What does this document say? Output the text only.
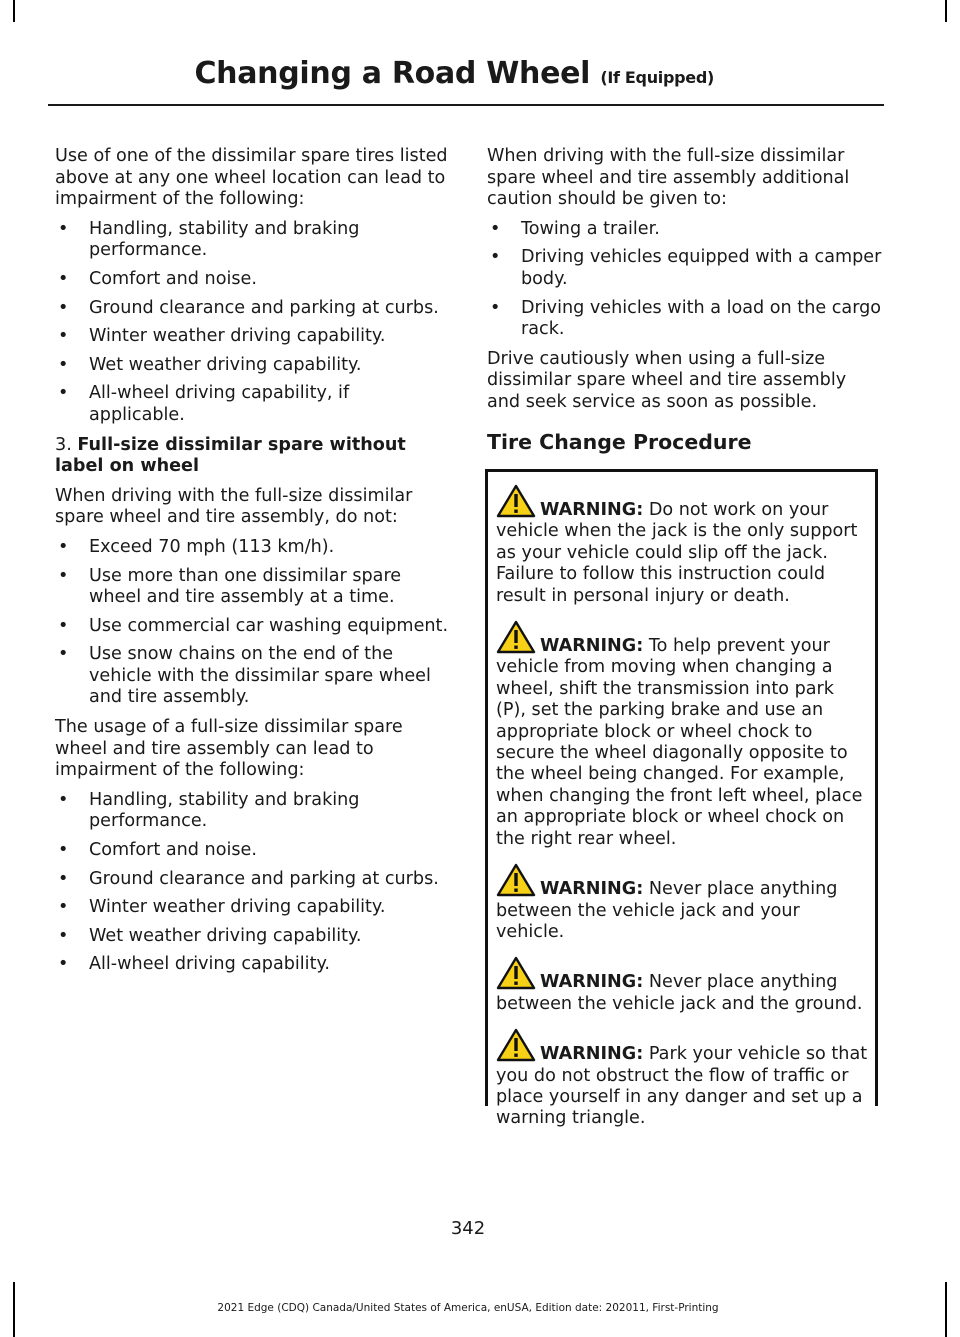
Changing a Road Wheel (If Equipped)

Use of one of the dissimilar spare tires listed above at any one wheel location can lead to impairment of the following:

• Handling, stability and braking performance.
• Comfort and noise.
• Ground clearance and parking at curbs.
• Winter weather driving capability.
• Wet weather driving capability.
• All-wheel driving capability, if applicable.

3. Full-size dissimilar spare without label on wheel

When driving with the full-size dissimilar spare wheel and tire assembly, do not:

• Exceed 70 mph (113 km/h).
• Use more than one dissimilar spare wheel and tire assembly at a time.
• Use commercial car washing equipment.
• Use snow chains on the end of the vehicle with the dissimilar spare wheel and tire assembly.

The usage of a full-size dissimilar spare wheel and tire assembly can lead to impairment of the following:

• Handling, stability and braking performance.
• Comfort and noise.
• Ground clearance and parking at curbs.
• Winter weather driving capability.
• Wet weather driving capability.
• All-wheel driving capability.

When driving with the full-size dissimilar spare wheel and tire assembly additional caution should be given to:

• Towing a trailer.
• Driving vehicles equipped with a camper body.
• Driving vehicles with a load on the cargo rack.

Drive cautiously when using a full-size dissimilar spare wheel and tire assembly and seek service as soon as possible.

Tire Change Procedure
WARNING: Do not work on your vehicle when the jack is the only support as your vehicle could slip off the jack. Failure to follow this instruction could result in personal injury or death.
WARNING: To help prevent your vehicle from moving when changing a wheel, shift the transmission into park (P), set the parking brake and use an appropriate block or wheel chock to secure the wheel diagonally opposite to the wheel being changed. For example, when changing the front left wheel, place an appropriate block or wheel chock on the right rear wheel.
WARNING: Never place anything between the vehicle jack and your vehicle.
WARNING: Never place anything between the vehicle jack and the ground.
WARNING: Park your vehicle so that you do not obstruct the flow of traffic or place yourself in any danger and set up a warning triangle.
342
2021 Edge (CDQ) Canada/United States of America, enUSA, Edition date: 202011, First-Printing
